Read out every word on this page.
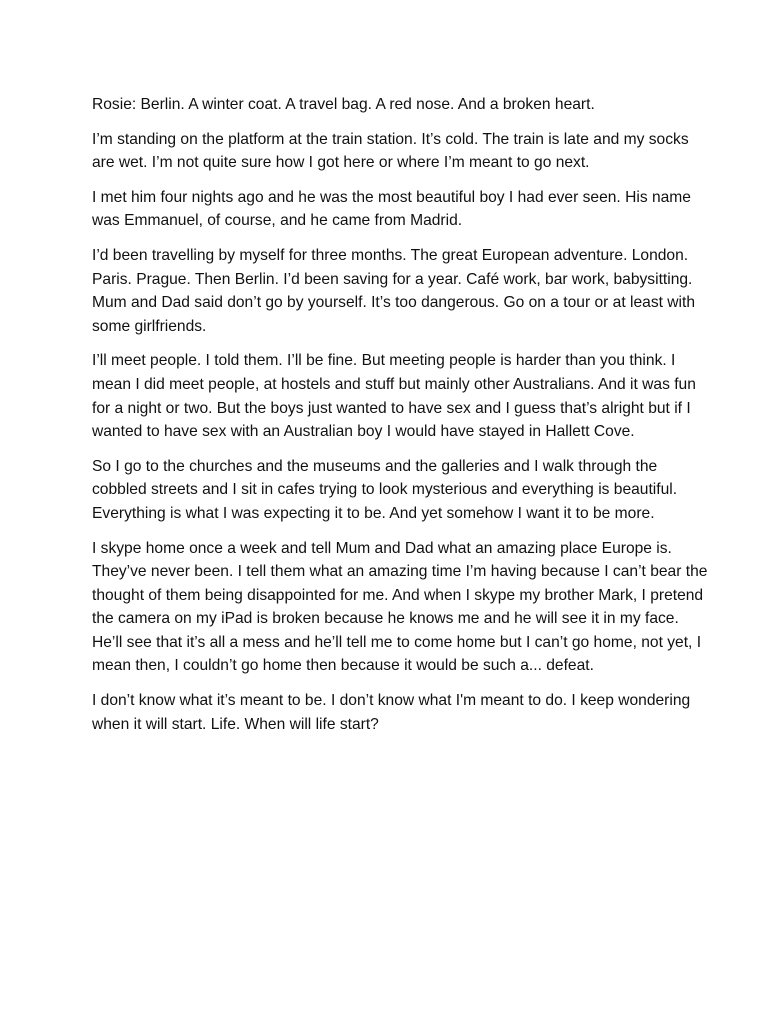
Rosie: Berlin. A winter coat. A travel bag. A red nose. And a broken heart.

I’m standing on the platform at the train station. It’s cold. The train is late and my socks are wet. I’m not quite sure how I got here or where I’m meant to go next.

I met him four nights ago and he was the most beautiful boy I had ever seen. His name was Emmanuel, of course, and he came from Madrid.

I’d been travelling by myself for three months. The great European adventure. London. Paris. Prague. Then Berlin. I’d been saving for a year. Café work, bar work, babysitting. Mum and Dad said don’t go by yourself. It’s too dangerous. Go on a tour or at least with some girlfriends.

I’ll meet people. I told them. I’ll be fine. But meeting people is harder than you think. I mean I did meet people, at hostels and stuff but mainly other Australians. And it was fun for a night or two. But the boys just wanted to have sex and I guess that’s alright but if I wanted to have sex with an Australian boy I would have stayed in Hallett Cove.

So I go to the churches and the museums and the galleries and I walk through the cobbled streets and I sit in cafes trying to look mysterious and everything is beautiful. Everything is what I was expecting it to be. And yet somehow I want it to be more.

I skype home once a week and tell Mum and Dad what an amazing place Europe is. They’ve never been. I tell them what an amazing time I’m having because I can’t bear the thought of them being disappointed for me. And when I skype my brother Mark, I pretend the camera on my iPad is broken because he knows me and he will see it in my face. He’ll see that it’s all a mess and he’ll tell me to come home but I can’t go home, not yet, I mean then, I couldn’t go home then because it would be such a... defeat.

I don’t know what it’s meant to be. I don’t know what I'm meant to do. I keep wondering when it will start. Life. When will life start?
